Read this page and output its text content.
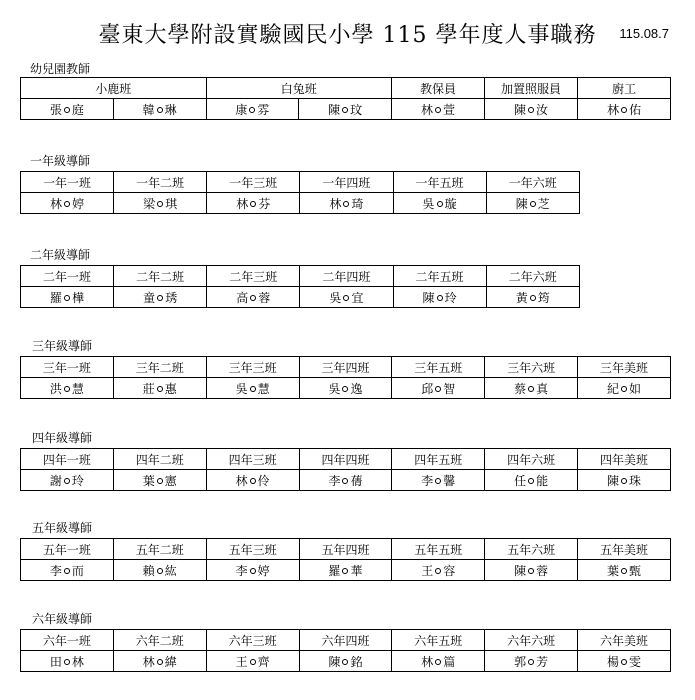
臺東大學附設實驗國民小學 115 學年度人事職務	115.08.7
幼兒園教師
小鹿班		白兔班		教保員	加置照服員	廚工
張 庭	韓 琳	康 雰	陳 玟	林 萱	陳 汝	林 佑
一年級導師
一年一班	一年二班	一年三班	一年四班	一年五班	一年六班
林 婷	梁 琪	林 芬	林 琦	吳 璇	陳 芝
二年級導師
二年一班	二年二班	二年三班	二年四班	二年五班	二年六班
羅 樺	童 琇	高 蓉	吳 宜	陳 玲	黃 筠
三年級導師
三年一班	三年二班	三年三班	三年四班	三年五班	三年六班	三年美班
洪 慧	莊 惠	吳 慧	吳 逸	邱 智	蔡 真	紀 如
四年級導師
四年一班	四年二班	四年三班	四年四班	四年五班	四年六班	四年美班
謝 玲	葉 憲	林 伶	李 蒨	李 馨	任 能	陳 珠
五年級導師
五年一班	五年二班	五年三班	五年四班	五年五班	五年六班	五年美班
李 而	賴 紘	李 婷	羅 華	王 容	陳 蓉	葉 甄
六年級導師
六年一班	六年二班	六年三班	六年四班	六年五班	六年六班	六年美班
田 林	林 緯	王 齊	陳 銘	林 篇	郭 芳	楊 雯
